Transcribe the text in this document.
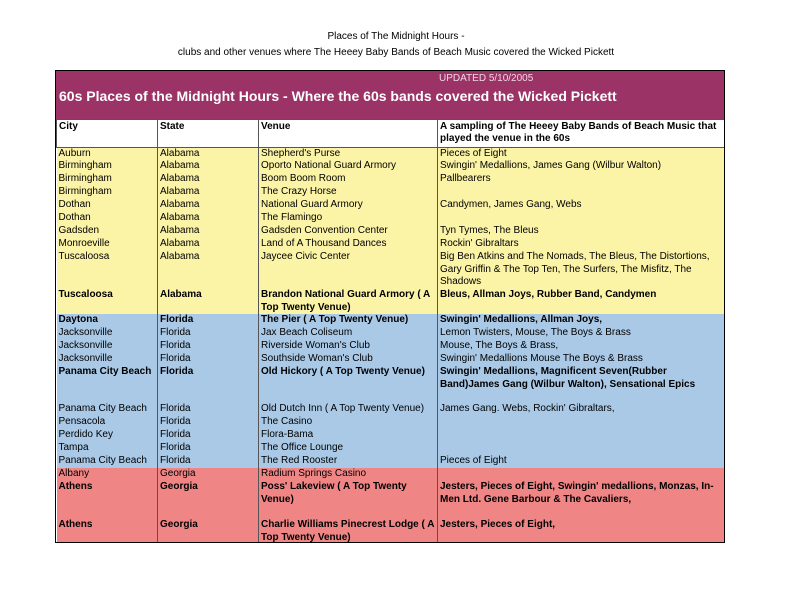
Places of The Midnight Hours -
clubs and other venues where The Heeey Baby Bands of Beach Music covered the Wicked Pickett
UPDATED 5/10/2005
60s Places of the Midnight Hours - Where the 60s bands covered the Wicked Pickett
City	State	Venue	A sampling of The Heeey Baby Bands of Beach Music that played the venue in the 60s
Auburn	Alabama	Shepherd's Purse	Pieces of Eight
Birmingham	Alabama	Oporto National Guard Armory	Swingin' Medallions, James Gang (Wilbur Walton)
Birmingham	Alabama	Boom Boom Room	Pallbearers
Birmingham	Alabama	The Crazy Horse	
Dothan	Alabama	National Guard Armory	Candymen, James Gang, Webs
Dothan	Alabama	The Flamingo	
Gadsden	Alabama	Gadsden Convention Center	Tyn Tymes, The Bleus
Monroeville	Alabama	Land of A Thousand Dances	Rockin' Gibraltars
Tuscaloosa	Alabama	Jaycee Civic Center	Big Ben Atkins and The Nomads, The Bleus, The Distortions, Gary Griffin & The Top Ten, The Surfers, The Misfitz, The Shadows
Tuscaloosa	Alabama	Brandon National Guard Armory ( A Top Twenty Venue)	Bleus, Allman Joys, Rubber Band, Candymen
Daytona	Florida	The Pier ( A Top Twenty Venue)	Swingin' Medallions, Allman Joys,
Jacksonville	Florida	Jax Beach Coliseum	Lemon Twisters, Mouse, The Boys & Brass
Jacksonville	Florida	Riverside Woman's Club	Mouse, The Boys & Brass,
Jacksonville	Florida	Southside Woman's Club	Swingin' Medallions Mouse The Boys & Brass
Panama City Beach	Florida	Old Hickory ( A Top Twenty Venue)	Swingin' Medallions, Magnificent Seven(Rubber Band)James Gang (Wilbur Walton), Sensational Epics
Panama City Beach	Florida	Old Dutch Inn ( A Top Twenty Venue)	James Gang. Webs, Rockin' Gibraltars,
Pensacola	Florida	The Casino	
Perdido Key	Florida	Flora-Bama	
Tampa	Florida	The Office Lounge	
Panama City Beach	Florida	The Red Rooster	Pieces of Eight
Albany	Georgia	Radium Springs Casino	
Athens	Georgia	Poss' Lakeview ( A Top Twenty Venue)	Jesters, Pieces of Eight, Swingin' medallions, Monzas, In-Men Ltd. Gene Barbour & The Cavaliers,
Athens	Georgia	Charlie Williams Pinecrest Lodge ( A Top Twenty Venue)	Jesters, Pieces of Eight,
